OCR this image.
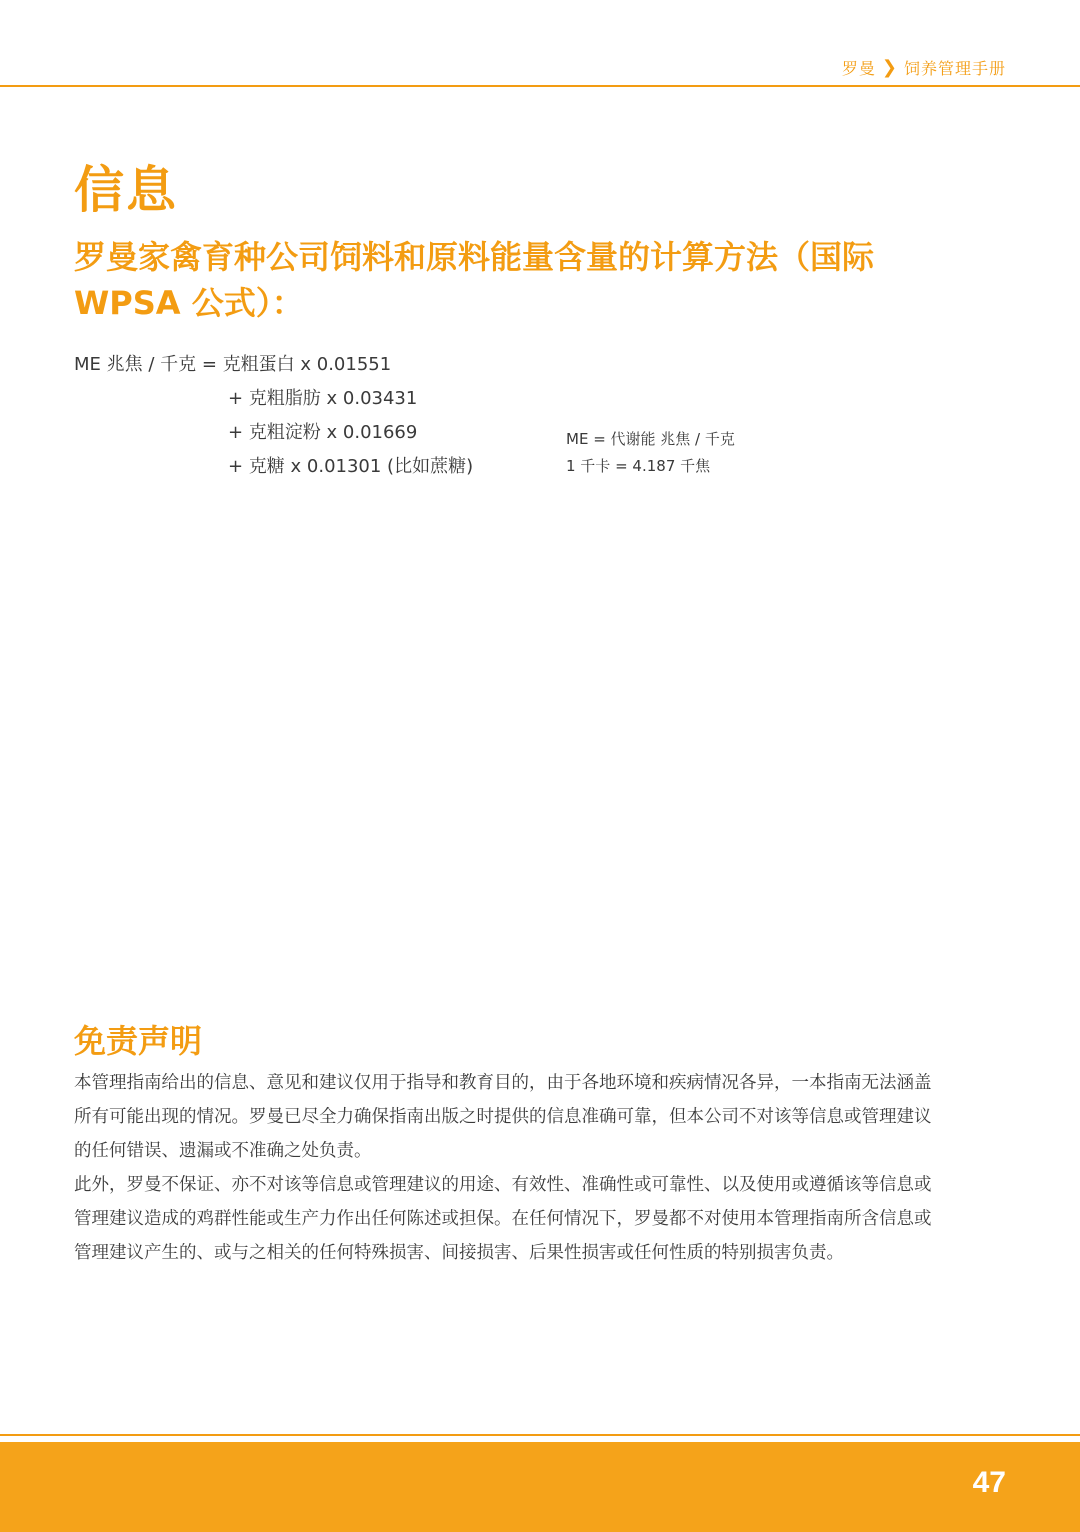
罗曼 ❯ 饲养管理手册
信息
罗曼家禽育种公司饲料和原料能量含量的计算方法（国际 WPSA 公式）：
ME 兆焦 / 千克 = 克粗蛋白 x 0.01551
+ 克粗脂肪 x 0.03431
+ 克粗淀粉 x 0.01669
+ 克糖 x 0.01301 (比如蔗糖)
ME = 代谢能 兆焦 / 千克
1 千卡 = 4.187 千焦
免责声明

本管理指南给出的信息、意见和建议仅用于指导和教育目的，由于各地环境和疾病情况各异，一本指南无法涵盖所有可能出现的情况。罗曼已尽全力确保指南出版之时提供的信息准确可靠，但本公司不对该等信息或管理建议的任何错误、遗漏或不准确之处负责。

此外，罗曼不保证、亦不对该等信息或管理建议的用途、有效性、准确性或可靠性、以及使用或遵循该等信息或管理建议造成的鸡群性能或生产力作出任何陈述或担保。在任何情况下，罗曼都不对使用本管理指南所含信息或管理建议产生的、或与之相关的任何特殊损害、间接损害、后果性损害或任何性质的特别损害负责。

47
